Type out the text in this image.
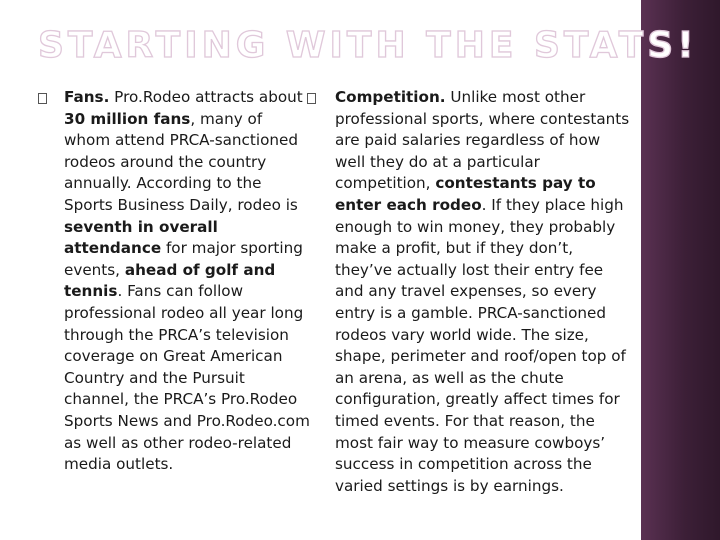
STARTING WITH THE STATS!

Fans. Pro.Rodeo attracts about 30 million fans, many of whom attend PRCA-sanctioned rodeos around the country annually. According to the Sports Business Daily, rodeo is seventh in overall attendance for major sporting events, ahead of golf and tennis. Fans can follow professional rodeo all year long through the PRCA’s television coverage on Great American Country and the Pursuit channel, the PRCA’s Pro.Rodeo Sports News and Pro.Rodeo.com as well as other rodeo-related media outlets.

Competition. Unlike most other professional sports, where contestants are paid salaries regardless of how well they do at a particular competition, contestants pay to enter each rodeo. If they place high enough to win money, they probably make a profit, but if they don’t, they’ve actually lost their entry fee and any travel expenses, so every entry is a gamble. PRCA-sanctioned rodeos vary world wide. The size, shape, perimeter and roof/open top of an arena, as well as the chute configuration, greatly affect times for timed events. For that reason, the most fair way to measure cowboys’ success in competition across the varied settings is by earnings.
